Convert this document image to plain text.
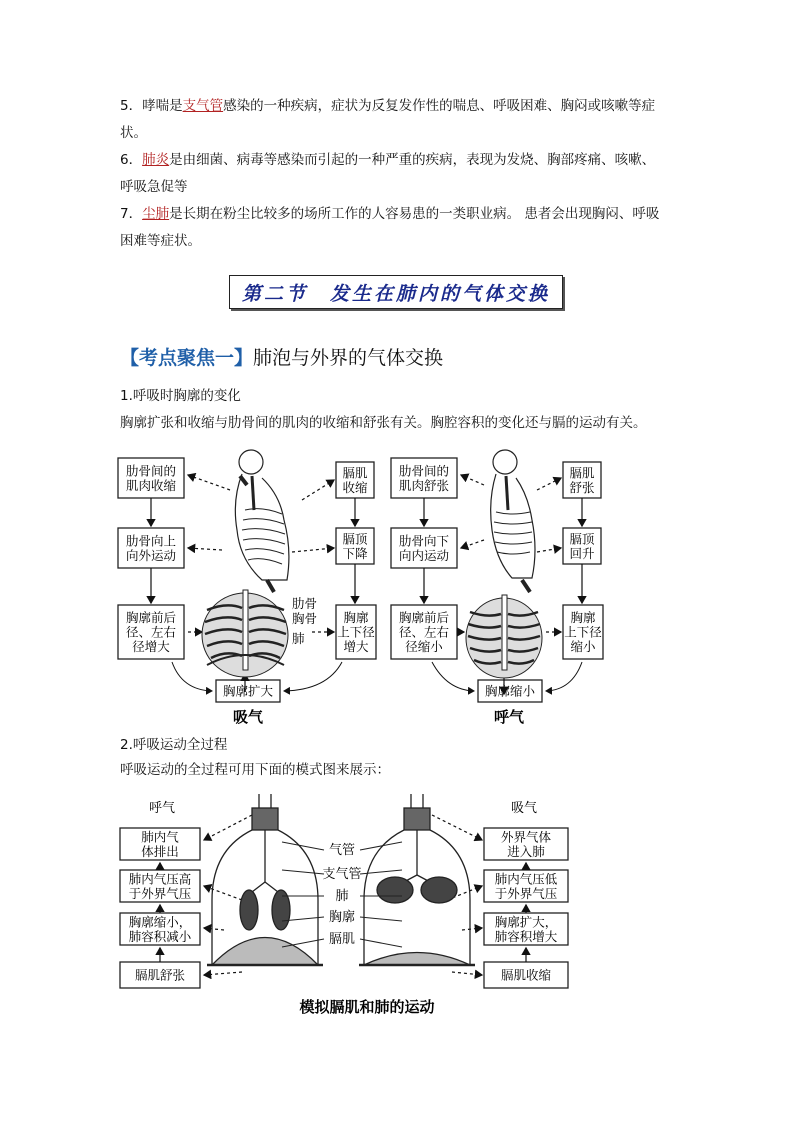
5．哮喘是支气管感染的一种疾病，症状为反复发作性的喘息、呼吸困难、胸闷或咳嗽等症
状。
6．肺炎是由细菌、病毒等感染而引起的一种严重的疾病，表现为发烧、胸部疼痛、咳嗽、
呼吸急促等
7．尘肺是长期在粉尘比较多的场所工作的人容易患的一类职业病。 患者会出现胸闷、呼吸
困难等症状。
第二节　发生在肺内的气体交换
【考点聚焦一】肺泡与外界的气体交换
1.呼吸时胸廓的变化
胸廓扩张和收缩与肋骨间的肌肉的收缩和舒张有关。胸腔容积的变化还与膈的运动有关。
肋骨间的
肌肉收缩
肋骨向上
向外运动
胸廓前后
径、左右
径增大
膈肌
收缩
膈顶
下降
胸廓
上下径
增大
胸廓扩大
肋骨间的
肌肉舒张
肋骨向下
向内运动
胸廓前后
径、左右
径缩小
膈肌
舒张
膈顶
回升
胸廓
上下径
缩小
胸廓缩小
肋骨
胸骨
肺
吸气	呼气
2.呼吸运动全过程
呼吸运动的全过程可用下面的模式图来展示：
肺内气
体排出
肺内气压高
于外界气压
胸廓缩小，
肺容积减小
膈肌舒张
外界气体
进入肺
肺内气压低
于外界气压
胸廓扩大，
肺容积增大
膈肌收缩
呼气	吸气
气管
支气管
肺
胸廓
膈肌
模拟膈肌和肺的运动
